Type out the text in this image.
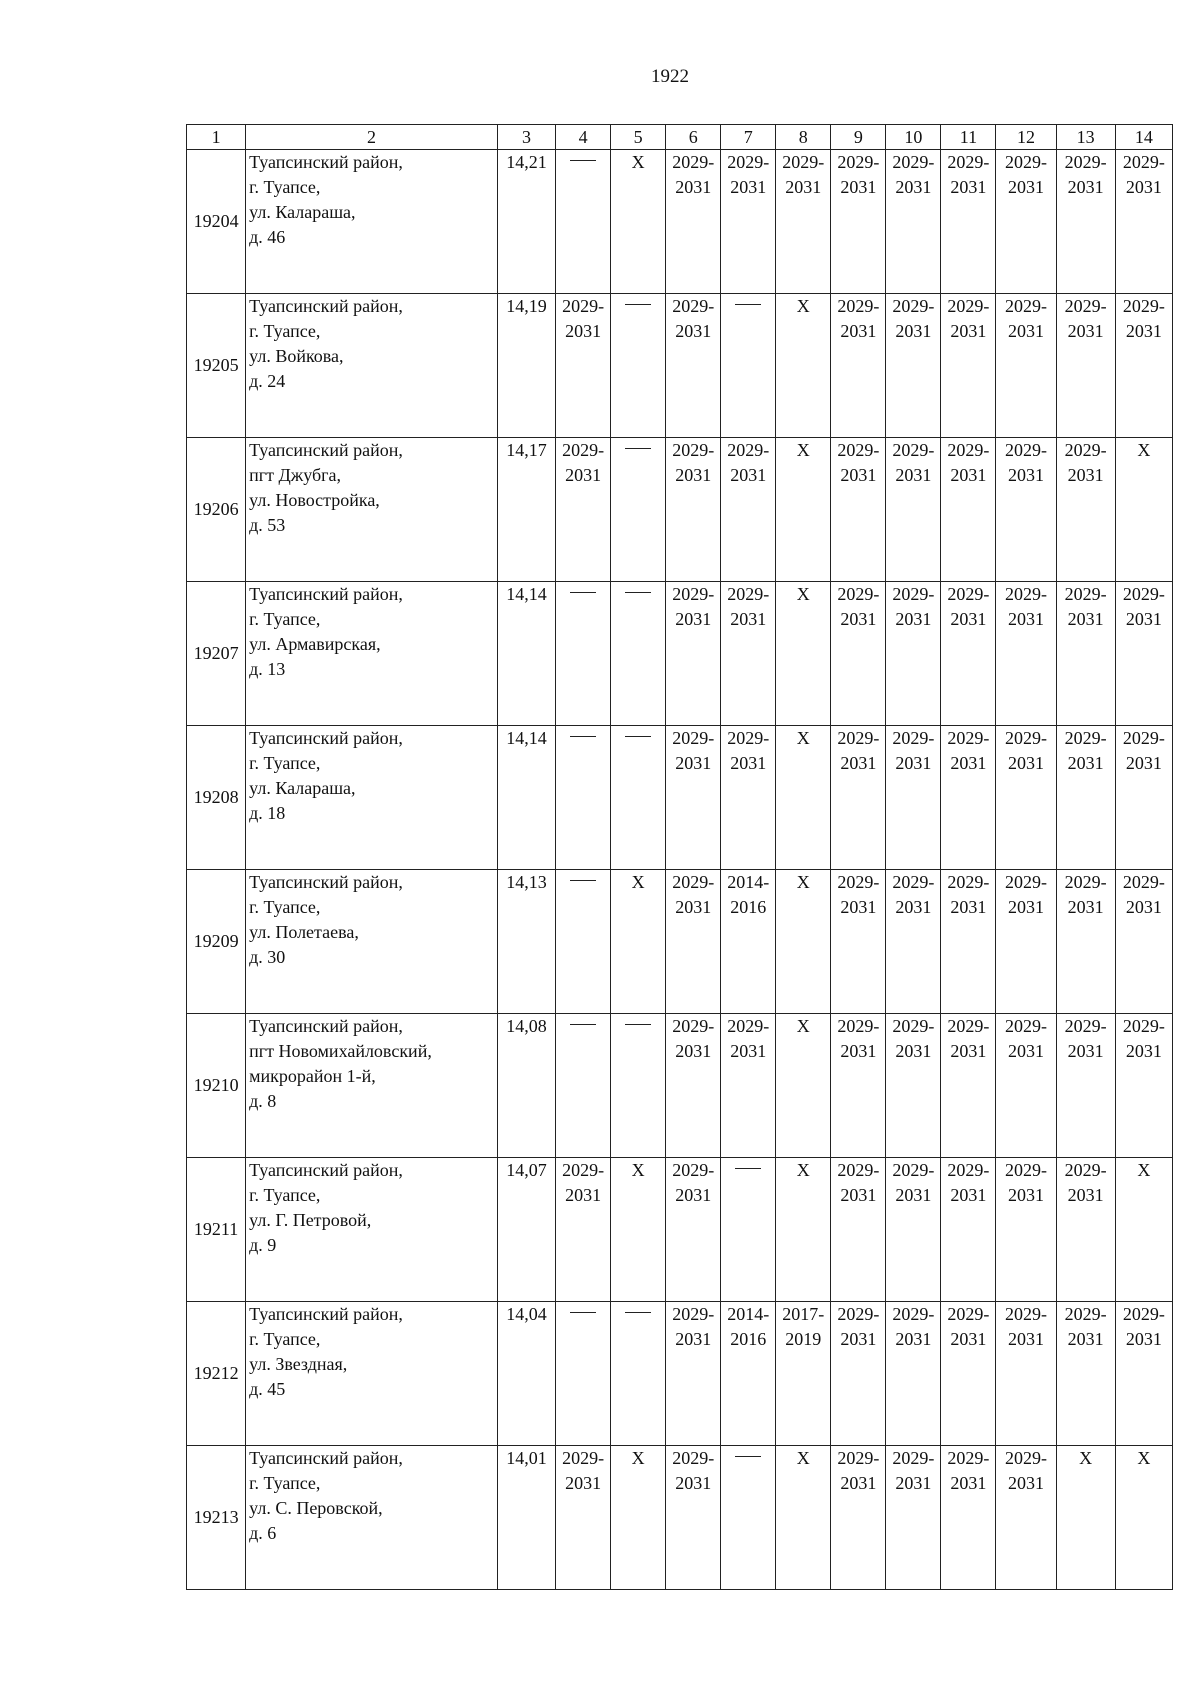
1922
1	2	3	4	5	6	7	8	9	10	11	12	13	14
19204	Туапсинский район,
г. Туапсе,
ул. Калараша,
д. 46	14,21		X	2029-
2031	2029-
2031	2029-
2031	2029-
2031	2029-
2031	2029-
2031	2029-
2031	2029-
2031	2029-
2031

19205	Туапсинский район,
г. Туапсе,
ул. Войкова,
д. 24	14,19	2029-
2031		2029-
2031		X	2029-
2031	2029-
2031	2029-
2031	2029-
2031	2029-
2031	2029-
2031

19206	Туапсинский район,
пгт Джубга,
ул. Новостройка,
д. 53	14,17	2029-
2031		2029-
2031	2029-
2031	X	2029-
2031	2029-
2031	2029-
2031	2029-
2031	2029-
2031	X

19207	Туапсинский район,
г. Туапсе,
ул. Армавирская,
д. 13	14,14			2029-
2031	2029-
2031	X	2029-
2031	2029-
2031	2029-
2031	2029-
2031	2029-
2031	2029-
2031

19208	Туапсинский район,
г. Туапсе,
ул. Калараша,
д. 18	14,14			2029-
2031	2029-
2031	X	2029-
2031	2029-
2031	2029-
2031	2029-
2031	2029-
2031	2029-
2031

19209	Туапсинский район,
г. Туапсе,
ул. Полетаева,
д. 30	14,13		X	2029-
2031	2014-
2016	X	2029-
2031	2029-
2031	2029-
2031	2029-
2031	2029-
2031	2029-
2031

19210	Туапсинский район,
пгт Новомихайловский,
микрорайон 1-й,
д. 8	14,08			2029-
2031	2029-
2031	X	2029-
2031	2029-
2031	2029-
2031	2029-
2031	2029-
2031	2029-
2031

19211	Туапсинский район,
г. Туапсе,
ул. Г. Петровой,
д. 9	14,07	2029-
2031	X	2029-
2031		X	2029-
2031	2029-
2031	2029-
2031	2029-
2031	2029-
2031	X

19212	Туапсинский район,
г. Туапсе,
ул. Звездная,
д. 45	14,04			2029-
2031	2014-
2016	2017-
2019	2029-
2031	2029-
2031	2029-
2031	2029-
2031	2029-
2031	2029-
2031

19213	Туапсинский район,
г. Туапсе,
ул. С. Перовской,
д. 6	14,01	2029-
2031	X	2029-
2031		X	2029-
2031	2029-
2031	2029-
2031	2029-
2031	X	X
